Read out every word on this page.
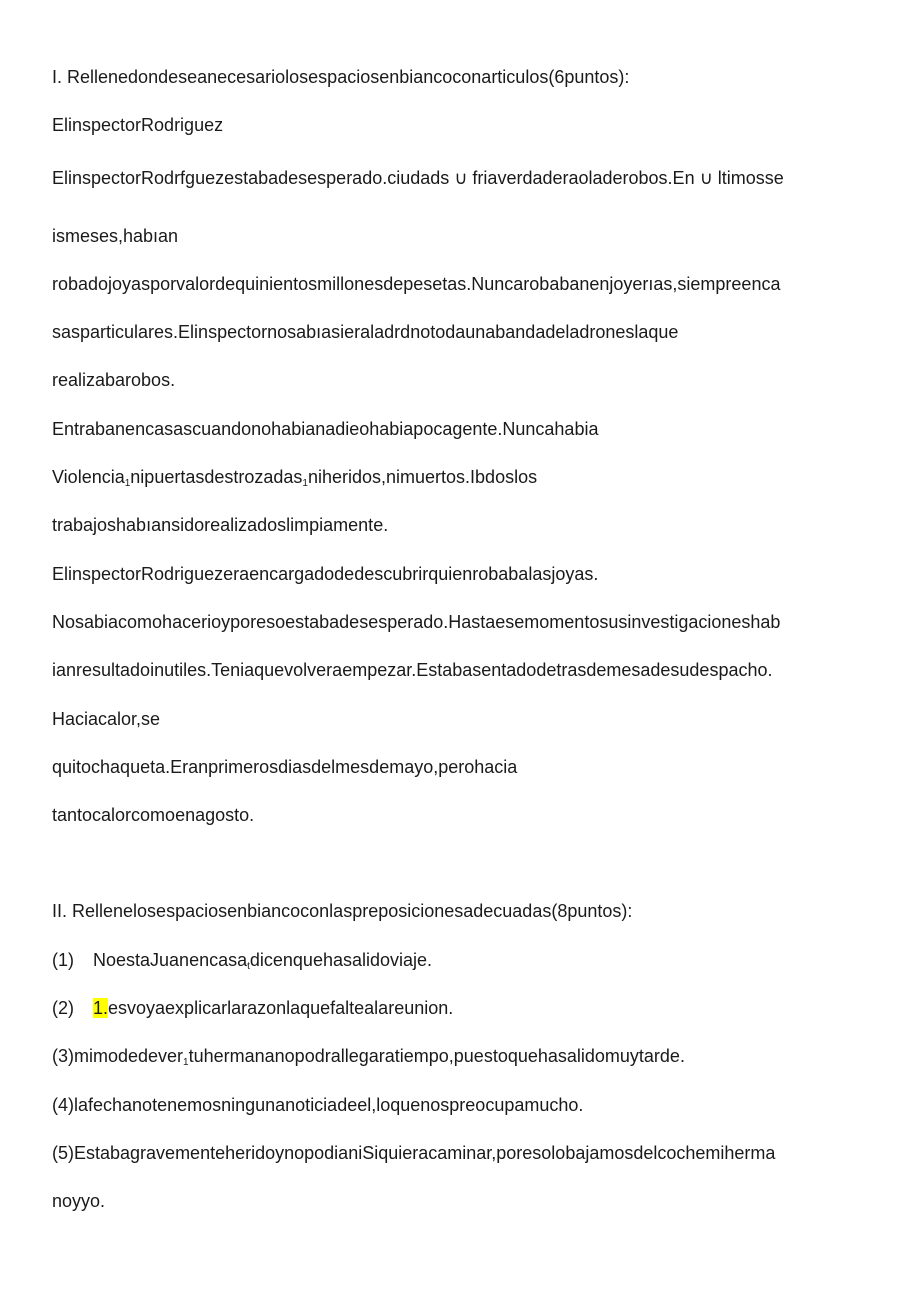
I. Rellenedondeseanecesariolosespaciosenbiancoconarticulos(6puntos):
ElinspectorRodriguez
ElinspectorRodrfguezestabadesesperado.ciudads ∪ friaverdaderaoladerobos.En ∪ ltimosse
ismeses,habıan
robadojoyasporvalordequinientosmillonesdepesetas.Nuncarobabanenjoyerıas,siempreenca
sasparticulares.Elinspectornosabıasieraladrdnotodaunabandadeladroneslaque
realizabarobos.
Entrabanencasascuandonohabianadieohabiapocagente.Nuncahabia
Violencia$_1$nipuertasdestrozadas$_1$niheridos,nimuertos.Ibdoslos
trabajoshabıansidorealizadoslimpiamente.
ElinspectorRodriguezeraencargadodedescubrirquienrobabalasjoyas.
Nosabiacomohacerioyporesoestabadesesperado.Hastaesemomentosusinvestigacioneshab
ianresultadoinutiles.Teniaquevolveraempezar.Estabasentadodetrasdemesadesudespacho.
Haciacalor,se
quitochaqueta.Eranprimerosdiasdelmesdemayo,perohacia
tantocalorcomoenagosto.
II. Rellenelosespaciosenbiancoconlaspreposicionesadecuadas(8puntos):
(1) NoestaJuanencasa$_t$dicenquehasalidoviaje.
(2) 1.esvoyaexplicarlarazonlaquefaltealareunion.
(3)mimodedever$_1$tuhermananopodrallegaratiempo,puestoquehasalidomuytarde.
(4)lafechanotenemosningunanoticiadeel,loquenospreocupamucho.
(5)EstabagravementeheridoynopodianiSiquieracaminar,poresolobajamosdelcochemiherma
noyyo.
